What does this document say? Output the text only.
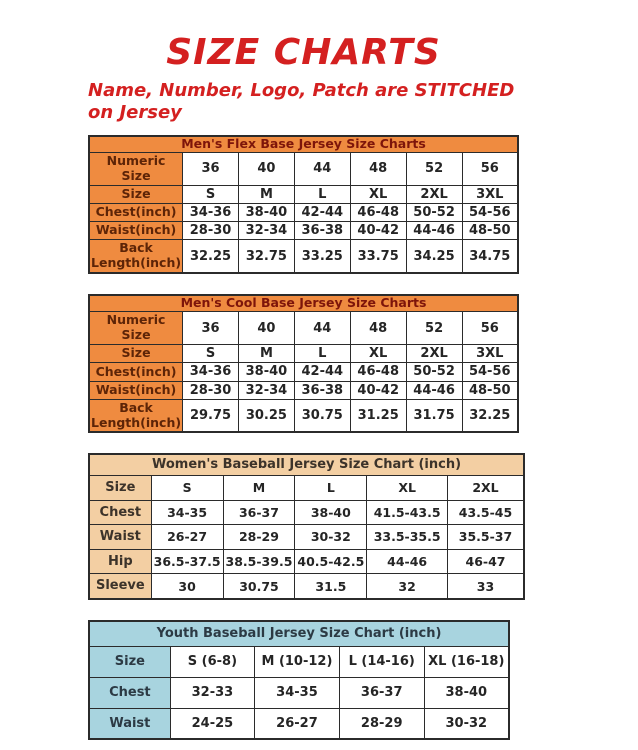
SIZE CHARTS
Name, Number, Logo, Patch are STITCHED
on Jersey
Men's Flex Base Jersey Size Charts						
Numeric Size	36	40	44	48	52	56
Size	S	M	L	XL	2XL	3XL
Chest(inch)	34-36	38-40	42-44	46-48	50-52	54-56
Waist(inch)	28-30	32-34	36-38	40-42	44-46	48-50
Back Length(inch)	32.25	32.75	33.25	33.75	34.25	34.75
Men's Cool Base Jersey Size Charts						
Numeric Size	36	40	44	48	52	56
Size	S	M	L	XL	2XL	3XL
Chest(inch)	34-36	38-40	42-44	46-48	50-52	54-56
Waist(inch)	28-30	32-34	36-38	40-42	44-46	48-50
Back Length(inch)	29.75	30.25	30.75	31.25	31.75	32.25
Women's Baseball Jersey Size Chart (inch)					
Size	S	M	L	XL	2XL
Chest	34-35	36-37	38-40	41.5-43.5	43.5-45
Waist	26-27	28-29	30-32	33.5-35.5	35.5-37
Hip	36.5-37.5	38.5-39.5	40.5-42.5	44-46	46-47
Sleeve	30	30.75	31.5	32	33
Youth Baseball Jersey Size Chart (inch)				
Size	S (6-8)	M (10-12)	L (14-16)	XL (16-18)
Chest	32-33	34-35	36-37	38-40
Waist	24-25	26-27	28-29	30-32
